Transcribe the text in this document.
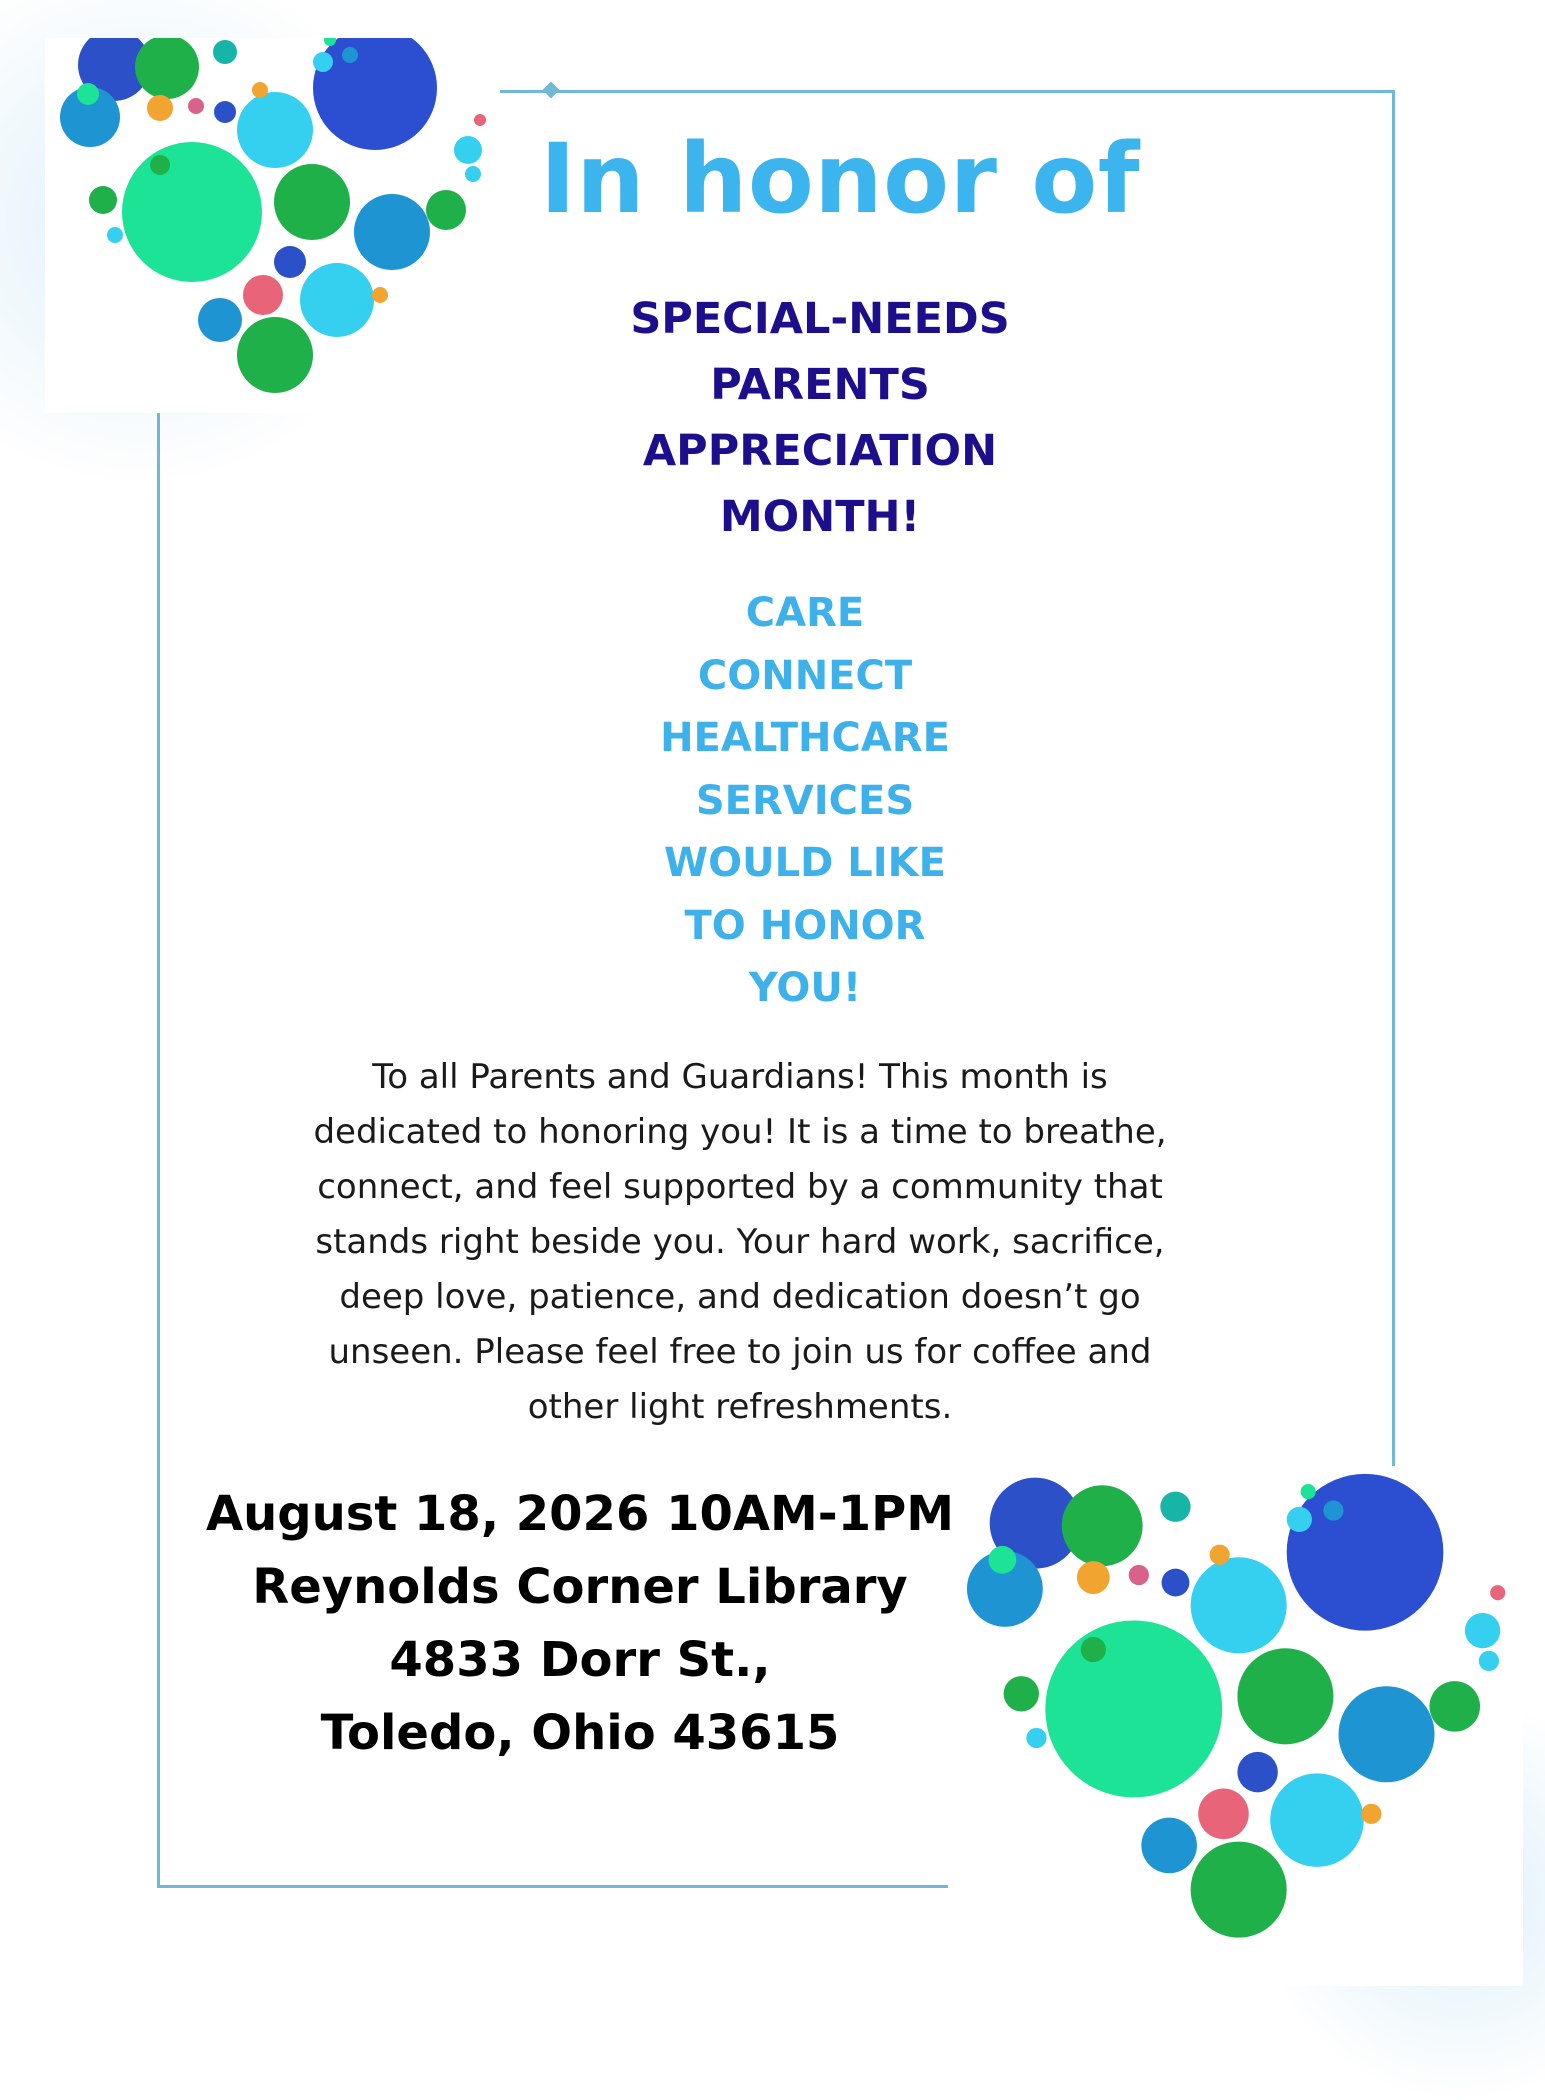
In honor of
SPECIAL-NEEDS
PARENTS
APPRECIATION
MONTH!
CARE
CONNECT
HEALTHCARE
SERVICES
WOULD LIKE
TO HONOR
YOU!
To all Parents and Guardians! This month is
dedicated to honoring you! It is a time to breathe,
connect, and feel supported by a community that
stands right beside you. Your hard work, sacrifice,
deep love, patience, and dedication doesn’t go
unseen. Please feel free to join us for coffee and
other light refreshments.
August 18, 2026 10AM-1PM
Reynolds Corner Library
4833 Dorr St.,
Toledo, Ohio 43615
